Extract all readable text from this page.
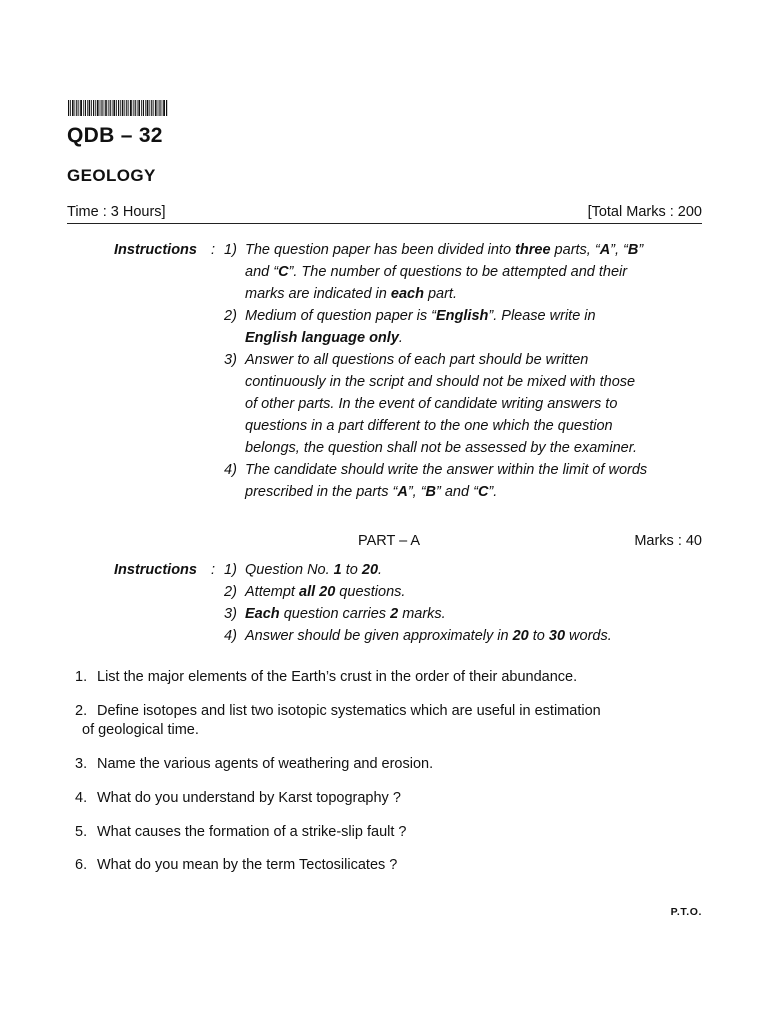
QDB – 32
GEOLOGY
Time : 3 Hours]	[Total Marks : 200
Instructions : 1) The question paper has been divided into three parts, “A”, “B”
and “C”. The number of questions to be attempted and their
marks are indicated in each part.
2) Medium of question paper is “English”. Please write in
English language only.
3) Answer to all questions of each part should be written
continuously in the script and should not be mixed with those
of other parts. In the event of candidate writing answers to
questions in a part different to the one which the question
belongs, the question shall not be assessed by the examiner.
4) The candidate should write the answer within the limit of words
prescribed in the parts “A”, “B” and “C”.
PART – A	Marks : 40
Instructions : 1) Question No. 1 to 20.
2) Attempt all 20 questions.
3) Each question carries 2 marks.
4) Answer should be given approximately in 20 to 30 words.
1. List the major elements of the Earth’s crust in the order of their abundance.
2. Define isotopes and list two isotopic systematics which are useful in estimation
of geological time.
3. Name the various agents of weathering and erosion.
4. What do you understand by Karst topography ?
5. What causes the formation of a strike-slip fault ?
6. What do you mean by the term Tectosilicates ?
P.T.O.
